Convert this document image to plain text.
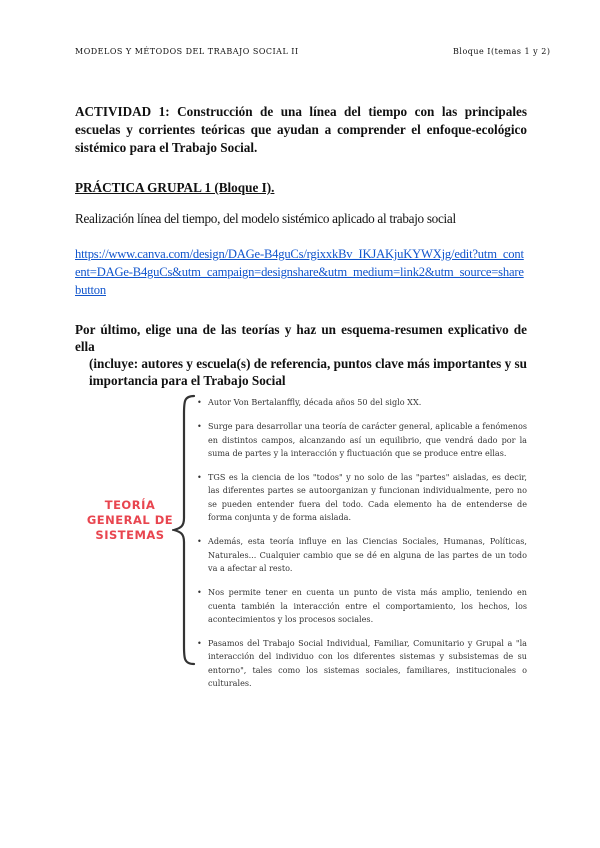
MODELOS Y MÉTODOS DEL TRABAJO SOCIAL II	Bloque I(temas 1 y 2)
ACTIVIDAD 1: Construcción de una línea del tiempo con las principales escuelas y corrientes teóricas que ayudan a comprender el enfoque-ecológico sistémico para el Trabajo Social.
PRÁCTICA GRUPAL 1 (Bloque I).
Realización línea del tiempo, del modelo sistémico aplicado al trabajo social
https://www.canva.com/design/DAGe-B4guCs/rgixxkBv_IKJAKjuKYWXjg/edit?utm_content=DAGe-B4guCs&utm_campaign=designshare&utm_medium=link2&utm_source=sharebutton
Por último, elige una de las teorías y haz un esquema-resumen explicativo de ella
(incluye: autores y escuela(s) de referencia, puntos clave más importantes y su importancia para el Trabajo Social
TEORÍA
GENERAL DE
SISTEMAS
• Autor Von Bertalanffly, década años 50 del siglo XX.
• Surge para desarrollar una teoría de carácter general, aplicable a fenómenos en distintos campos, alcanzando así un equilibrio, que vendrá dado por la suma de partes y la interacción y fluctuación que se produce entre ellas.
• TGS es la ciencia de los "todos" y no solo de las "partes" aisladas, es decir, las diferentes partes se autoorganizan y funcionan individualmente, pero no se pueden entender fuera del todo. Cada elemento ha de entenderse de forma conjunta y de forma aislada.
• Además, esta teoría influye en las Ciencias Sociales, Humanas, Políticas, Naturales... Cualquier cambio que se dé en alguna de las partes de un todo va a afectar al resto.
• Nos permite tener en cuenta un punto de vista más amplio, teniendo en cuenta también la interacción entre el comportamiento, los hechos, los acontecimientos y los procesos sociales.
• Pasamos del Trabajo Social Individual, Familiar, Comunitario y Grupal a "la interacción del individuo con los diferentes sistemas y subsistemas de su entorno", tales como los sistemas sociales, familiares, institucionales o culturales.
